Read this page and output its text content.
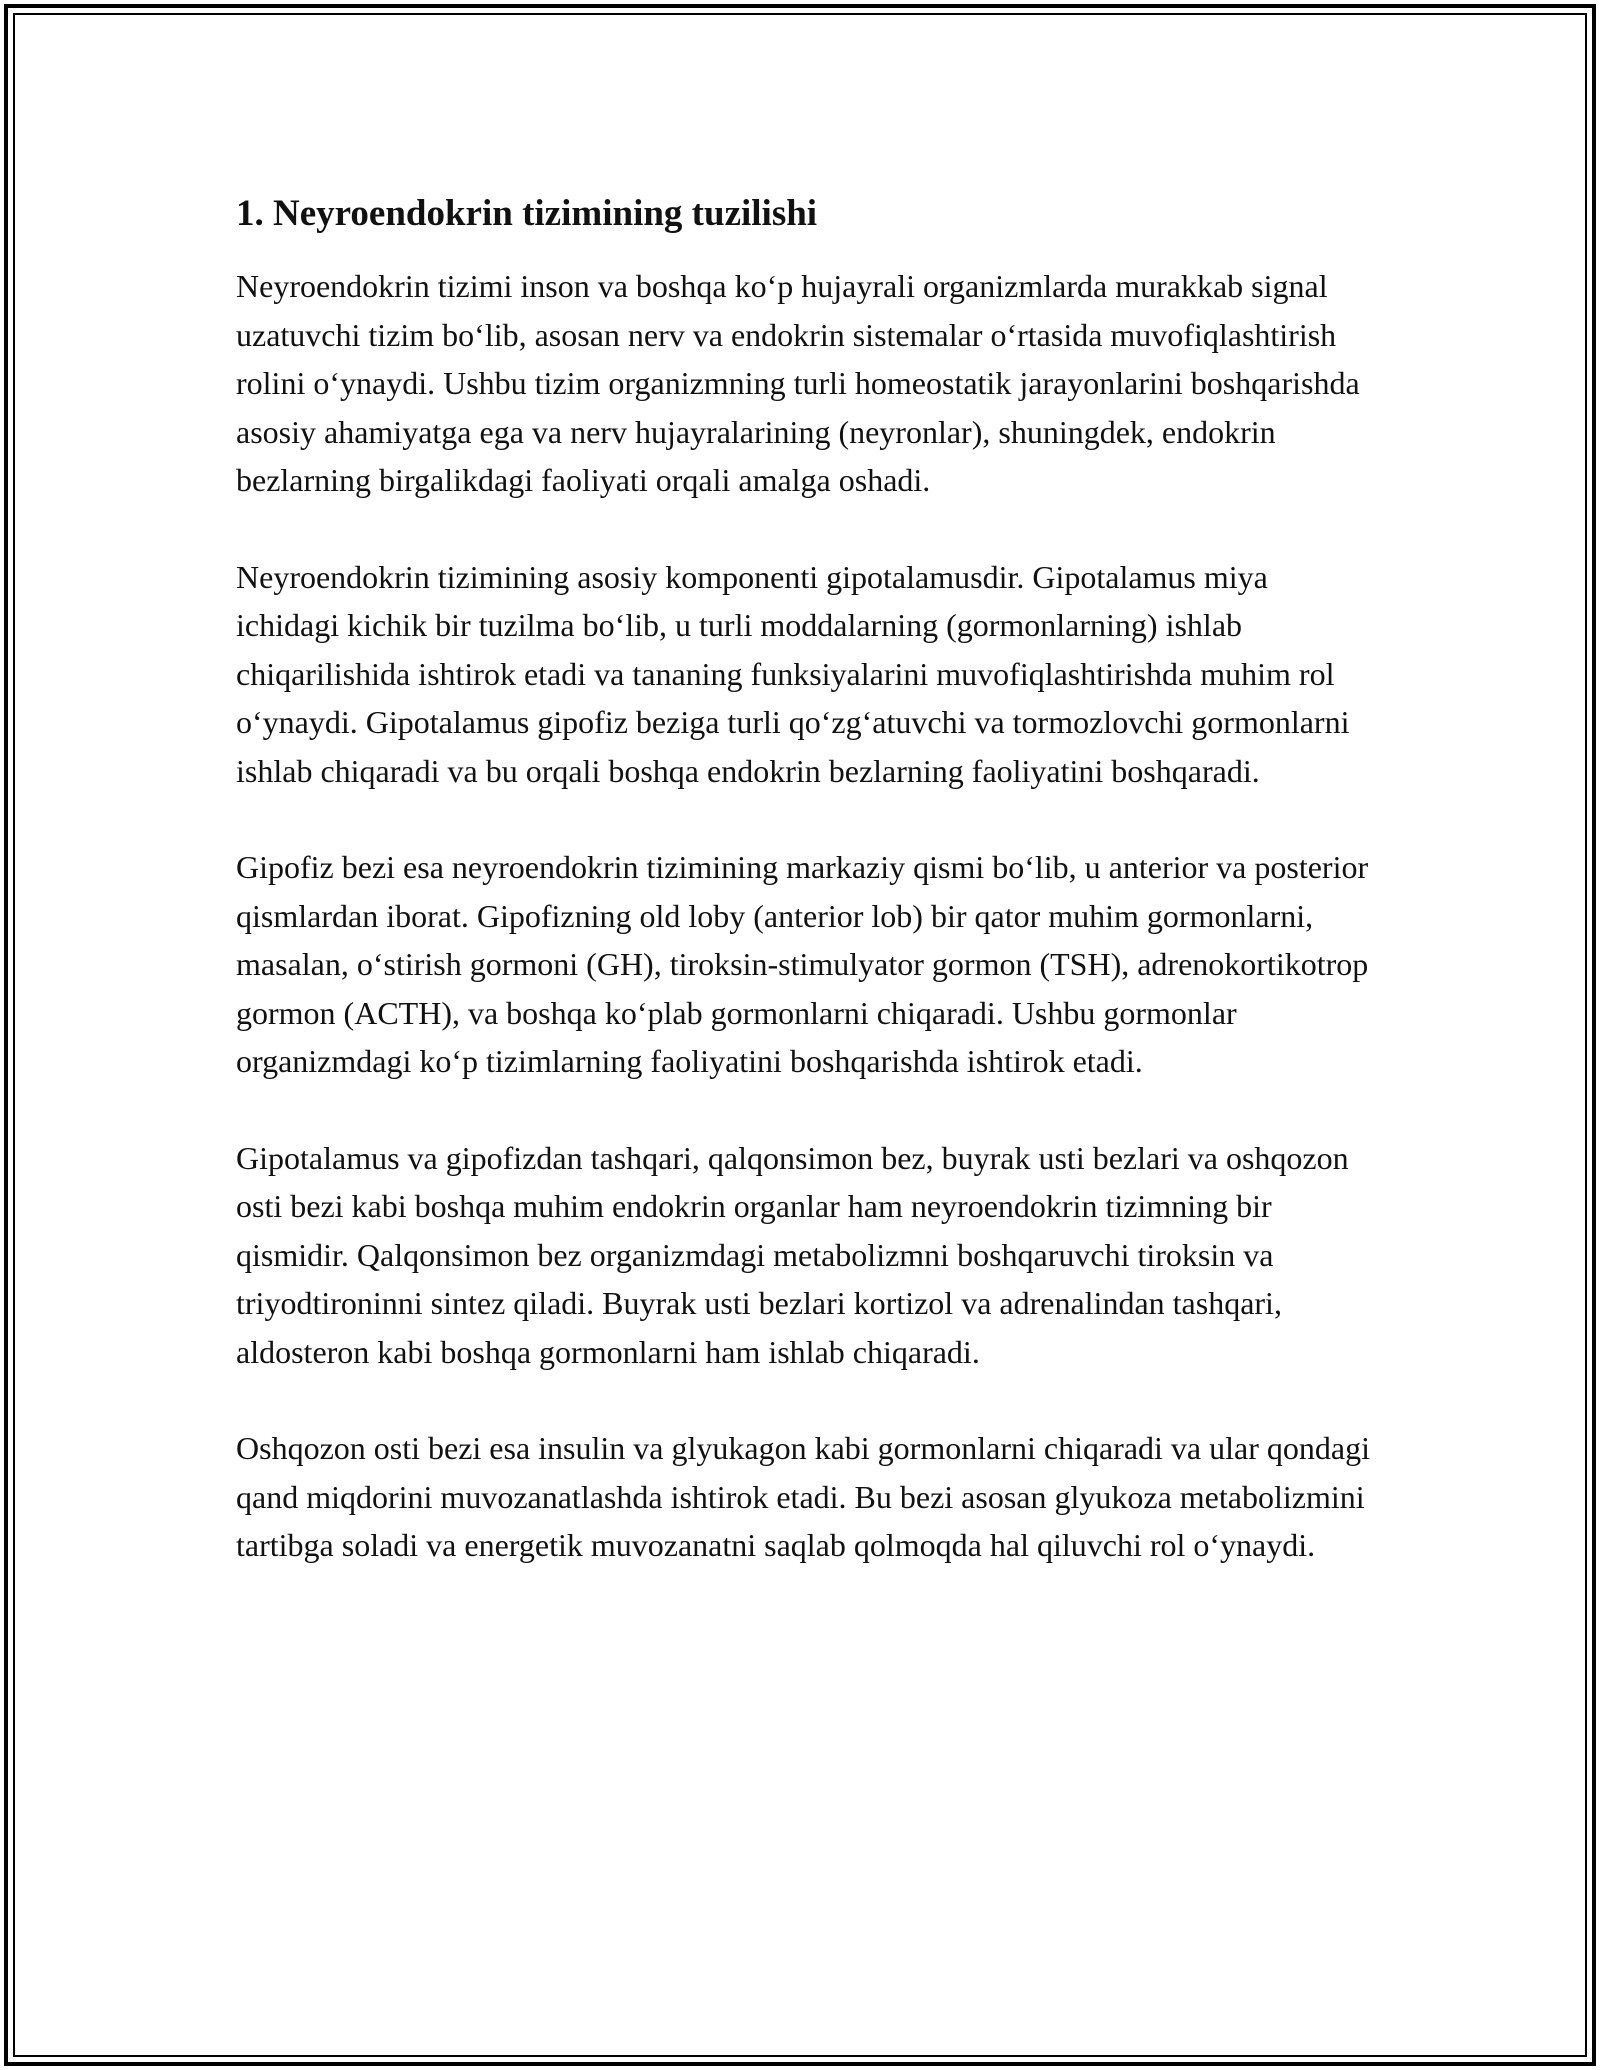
1. Neyroendokrin tizimining tuzilishi

Neyroendokrin tizimi inson va boshqa ko‘p hujayrali organizmlarda murakkab signal uzatuvchi tizim bo‘lib, asosan nerv va endokrin sistemalar o‘rtasida muvofiqlashtirish rolini o‘ynaydi. Ushbu tizim organizmning turli homeostatik jarayonlarini boshqarishda asosiy ahamiyatga ega va nerv hujayralarining (neyronlar), shuningdek, endokrin bezlarning birgalikdagi faoliyati orqali amalga oshadi.

Neyroendokrin tizimining asosiy komponenti gipotalamusdir. Gipotalamus miya ichidagi kichik bir tuzilma bo‘lib, u turli moddalarning (gormonlarning) ishlab chiqarilishida ishtirok etadi va tananing funksiyalarini muvofiqlashtirishda muhim rol o‘ynaydi. Gipotalamus gipofiz beziga turli qo‘zg‘atuvchi va tormozlovchi gormonlarni ishlab chiqaradi va bu orqali boshqa endokrin bezlarning faoliyatini boshqaradi.

Gipofiz bezi esa neyroendokrin tizimining markaziy qismi bo‘lib, u anterior va posterior qismlardan iborat. Gipofizning old loby (anterior lob) bir qator muhim gormonlarni, masalan, o‘stirish gormoni (GH), tiroksin-stimulyator gormon (TSH), adrenokortikotrop gormon (ACTH), va boshqa ko‘plab gormonlarni chiqaradi. Ushbu gormonlar organizmdagi ko‘p tizimlarning faoliyatini boshqarishda ishtirok etadi.

Gipotalamus va gipofizdan tashqari, qalqonsimon bez, buyrak usti bezlari va oshqozon osti bezi kabi boshqa muhim endokrin organlar ham neyroendokrin tizimning bir qismidir. Qalqonsimon bez organizmdagi metabolizmni boshqaruvchi tiroksin va triyodtironinni sintez qiladi. Buyrak usti bezlari kortizol va adrenalindan tashqari, aldosteron kabi boshqa gormonlarni ham ishlab chiqaradi.

Oshqozon osti bezi esa insulin va glyukagon kabi gormonlarni chiqaradi va ular qondagi qand miqdorini muvozanatlashda ishtirok etadi. Bu bezi asosan glyukoza metabolizmini tartibga soladi va energetik muvozanatni saqlab qolmoqda hal qiluvchi rol o‘ynaydi.
